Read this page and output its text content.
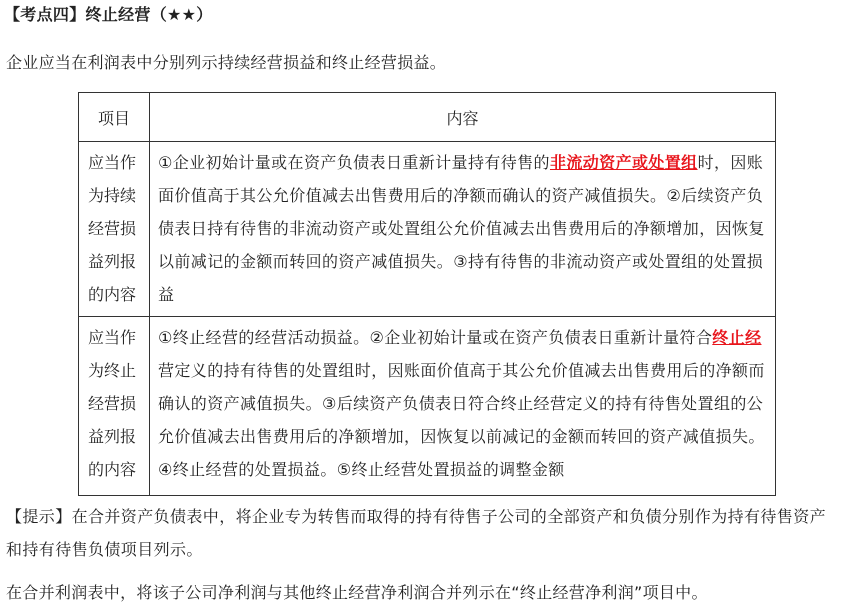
【考点四】终止经营（★★）
企业应当在利润表中分别列示持续经营损益和终止经营损益。
项目	内容

应当作为持续经营损益列报的内容	①企业初始计量或在资产负债表日重新计量持有待售的非流动资产或处置组时，因账面价值高于其公允价值减去出售费用后的净额而确认的资产减值损失。②后续资产负债表日持有待售的非流动资产或处置组公允价值减去出售费用后的净额增加，因恢复以前减记的金额而转回的资产减值损失。③持有待售的非流动资产或处置组的处置损益

应当作为终止经营损益列报的内容	①终止经营的经营活动损益。②企业初始计量或在资产负债表日重新计量符合终止经营定义的持有待售的处置组时，因账面价值高于其公允价值减去出售费用后的净额而确认的资产减值损失。③后续资产负债表日符合终止经营定义的持有待售处置组的公允价值减去出售费用后的净额增加，因恢复以前减记的金额而转回的资产减值损失。④终止经营的处置损益。⑤终止经营处置损益的调整金额
【提示】在合并资产负债表中，将企业专为转售而取得的持有待售子公司的全部资产和负债分别作为持有待售资产和持有待售负债项目列示。
在合并利润表中，将该子公司净利润与其他终止经营净利润合并列示在“终止经营净利润”项目中。
